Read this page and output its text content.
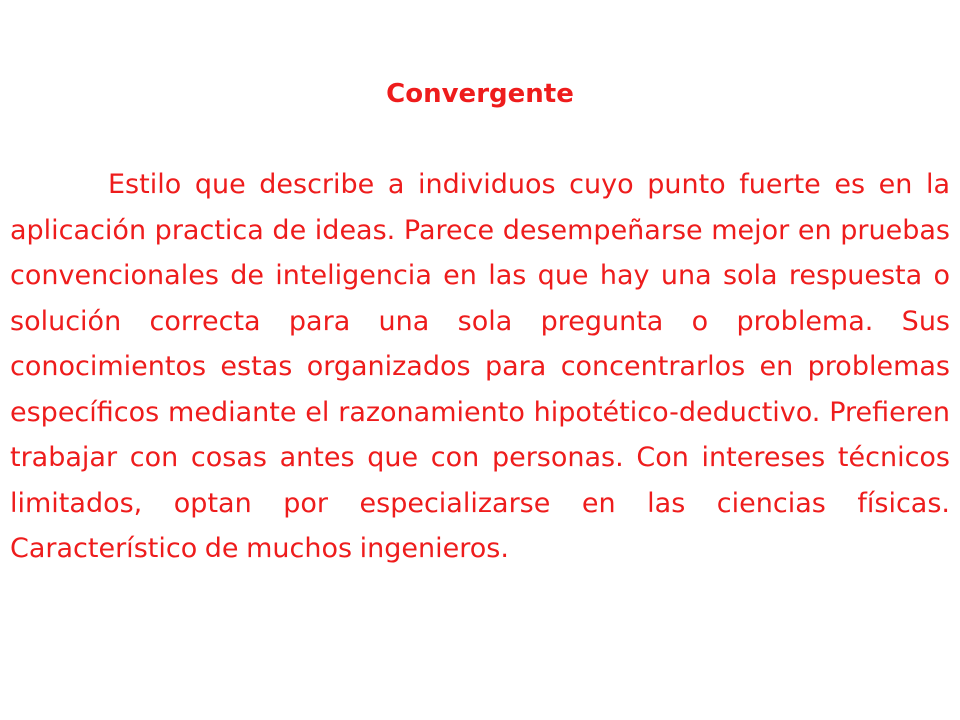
Convergente

Estilo que describe a individuos cuyo punto fuerte es en la aplicación practica de ideas. Parece desempeñarse mejor en pruebas convencionales de inteligencia en las que hay una sola respuesta o solución correcta para una sola pregunta o problema. Sus conocimientos estas organizados para concentrarlos en problemas específicos mediante el razonamiento hipotético-deductivo. Prefieren trabajar con cosas antes que con personas. Con intereses técnicos limitados, optan por especializarse en las ciencias físicas. Característico de muchos ingenieros.
